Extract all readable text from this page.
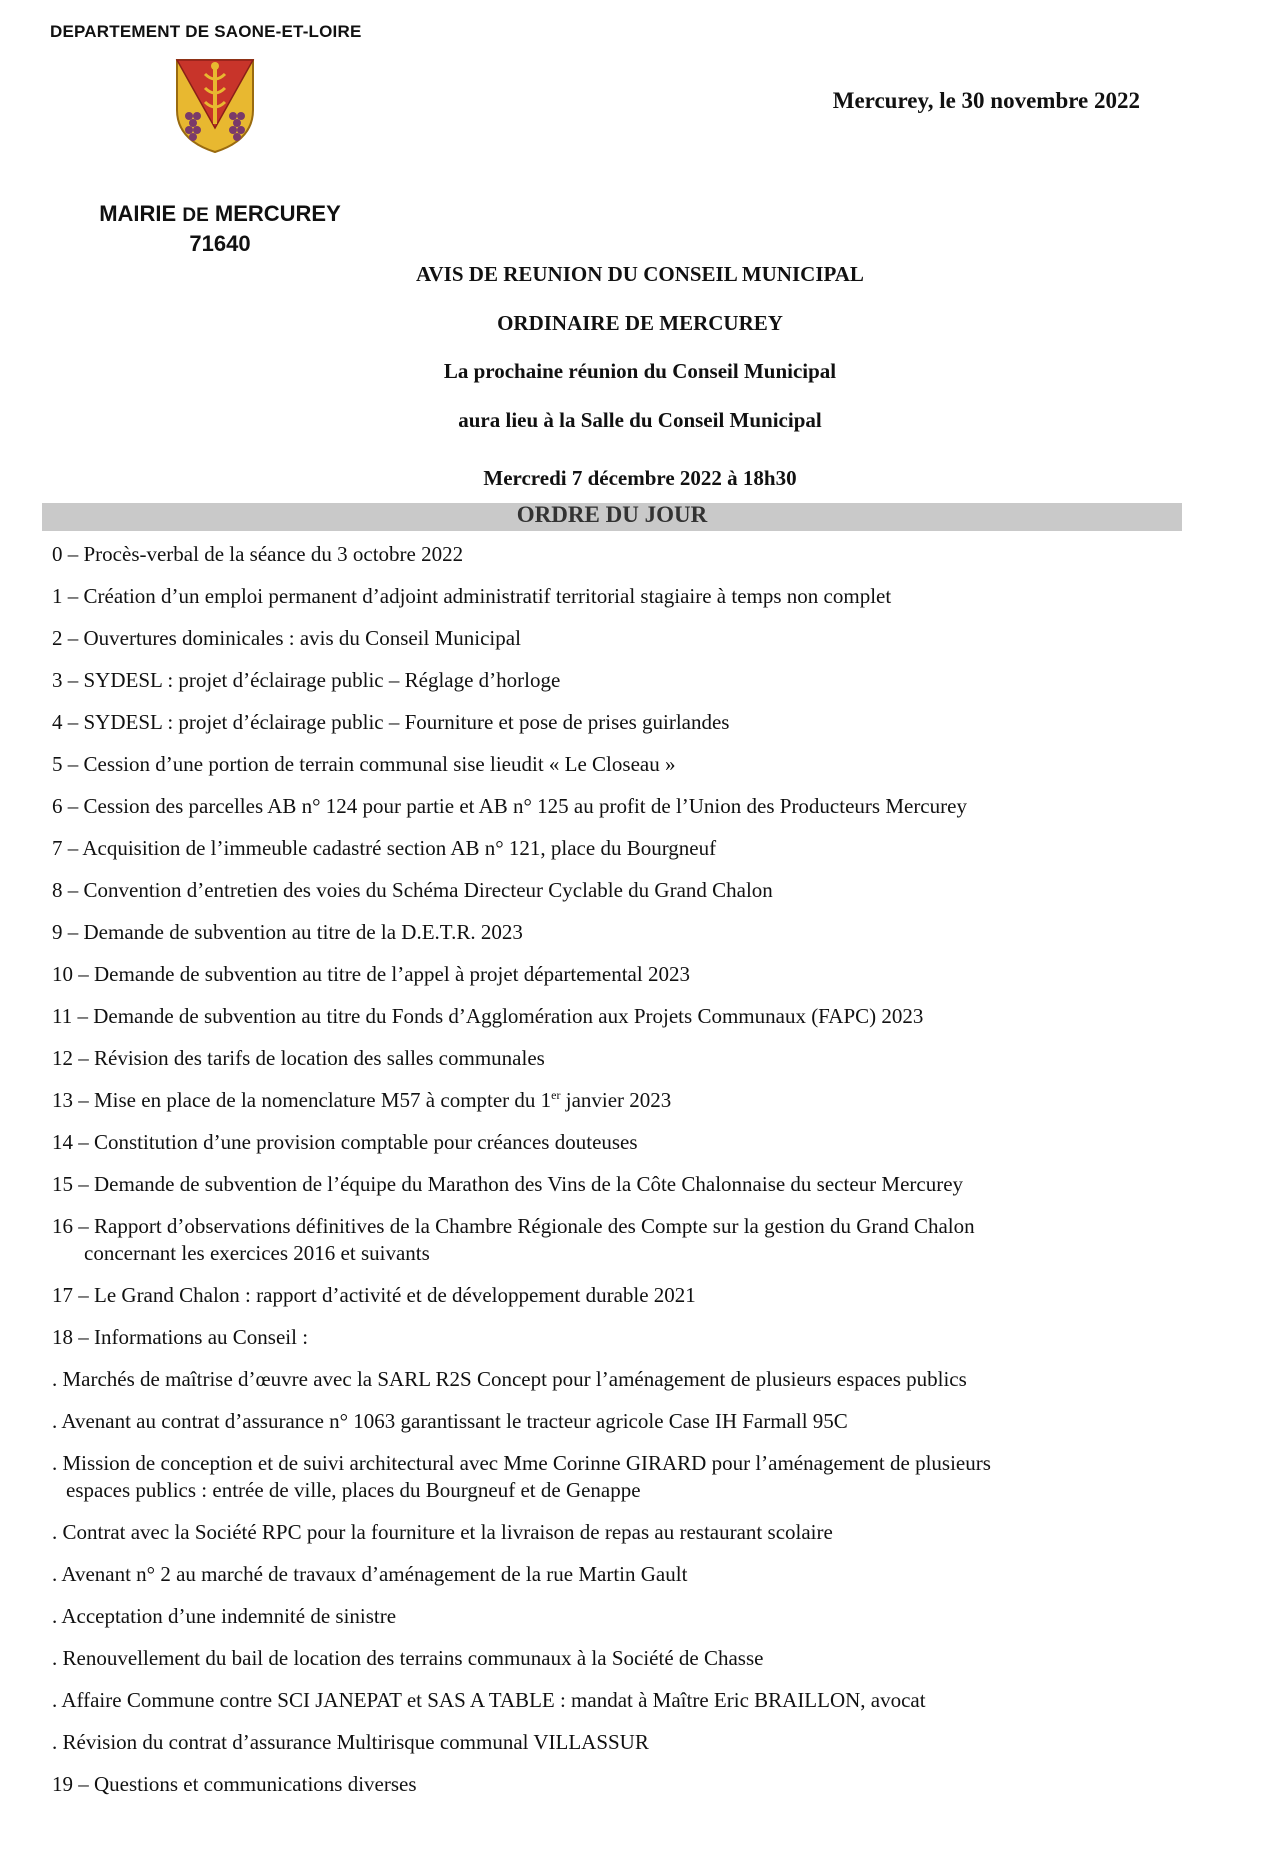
DEPARTEMENT DE SAONE-ET-LOIRE
Mercurey, le 30 novembre 2022
MAIRIE DE MERCUREY
71640
AVIS DE REUNION DU CONSEIL MUNICIPAL
ORDINAIRE DE MERCUREY
La prochaine réunion du Conseil Municipal
aura lieu à la Salle du Conseil Municipal
Mercredi 7 décembre 2022 à 18h30
ORDRE DU JOUR
0 – Procès-verbal de la séance du 3 octobre 2022
1 – Création d’un emploi permanent d’adjoint administratif territorial stagiaire à temps non complet
2 – Ouvertures dominicales : avis du Conseil Municipal
3 – SYDESL : projet d’éclairage public – Réglage d’horloge
4 – SYDESL : projet d’éclairage public – Fourniture et pose de prises guirlandes
5 – Cession d’une portion de terrain communal sise lieudit « Le Closeau »
6 – Cession des parcelles AB n° 124 pour partie et AB n° 125 au profit de l’Union des Producteurs Mercurey
7 – Acquisition de l’immeuble cadastré section AB n° 121, place du Bourgneuf
8 – Convention d’entretien des voies du Schéma Directeur Cyclable du Grand Chalon
9 – Demande de subvention au titre de la D.E.T.R. 2023
10 – Demande de subvention au titre de l’appel à projet départemental 2023
11 – Demande de subvention au titre du Fonds d’Agglomération aux Projets Communaux (FAPC) 2023
12 – Révision des tarifs de location des salles communales
13 – Mise en place de la nomenclature M57 à compter du 1er janvier 2023
14 – Constitution d’une provision comptable pour créances douteuses
15 – Demande de subvention de l’équipe du Marathon des Vins de la Côte Chalonnaise du secteur Mercurey
16 – Rapport d’observations définitives de la Chambre Régionale des Compte sur la gestion du Grand Chalon
concernant les exercices 2016 et suivants
17 – Le Grand Chalon : rapport d’activité et de développement durable 2021
18 – Informations au Conseil :
. Marchés de maîtrise d’œuvre avec la SARL R2S Concept pour l’aménagement de plusieurs espaces publics
. Avenant au contrat d’assurance n° 1063 garantissant le tracteur agricole Case IH Farmall 95C
. Mission de conception et de suivi architectural avec Mme Corinne GIRARD pour l’aménagement de plusieurs
espaces publics : entrée de ville, places du Bourgneuf et de Genappe
. Contrat avec la Société RPC pour la fourniture et la livraison de repas au restaurant scolaire
. Avenant n° 2 au marché de travaux d’aménagement de la rue Martin Gault
. Acceptation d’une indemnité de sinistre
. Renouvellement du bail de location des terrains communaux à la Société de Chasse
. Affaire Commune contre SCI JANEPAT et SAS A TABLE : mandat à Maître Eric BRAILLON, avocat
. Révision du contrat d’assurance Multirisque communal VILLASSUR
19 – Questions et communications diverses
